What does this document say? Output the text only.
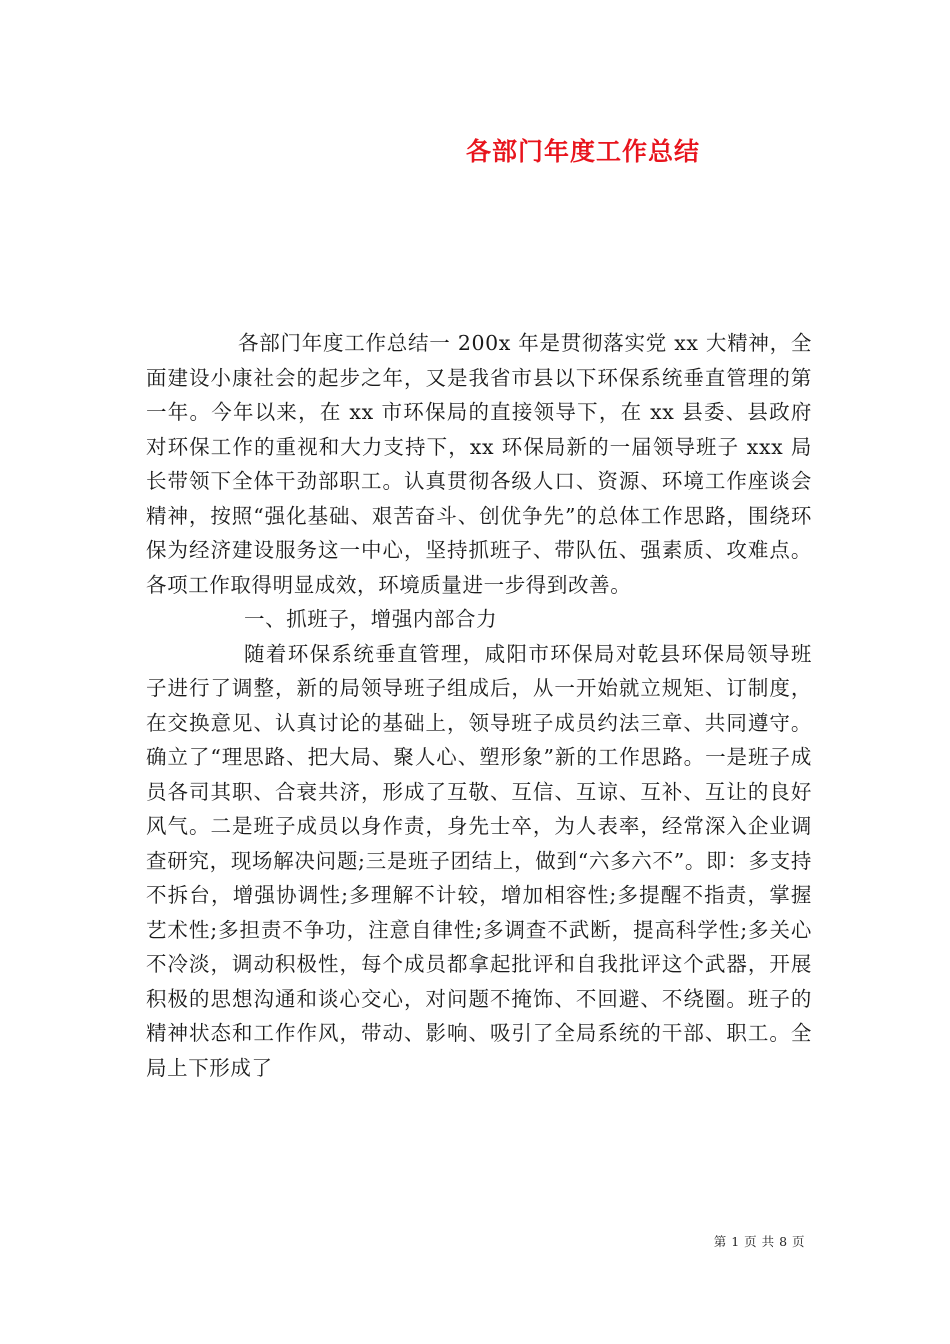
各部门年度工作总结

各部门年度工作总结一 200x 年是贯彻落实党 xx 大精神，全面建设小康社会的起步之年，又是我省市县以下环保系统垂直管理的第一年。今年以来，在 xx 市环保局的直接领导下，在 xx 县委、县政府对环保工作的重视和大力支持下，xx 环保局新的一届领导班子 xxx 局长带领下全体干劲部职工。认真贯彻各级人口、资源、环境工作座谈会精神，按照“强化基础、艰苦奋斗、创优争先”的总体工作思路，围绕环保为经济建设服务这一中心，坚持抓班子、带队伍、强素质、攻难点。各项工作取得明显成效，环境质量进一步得到改善。

一、抓班子，增强内部合力

随着环保系统垂直管理，咸阳市环保局对乾县环保局领导班子进行了调整，新的局领导班子组成后，从一开始就立规矩、订制度，在交换意见、认真讨论的基础上，领导班子成员约法三章、共同遵守。确立了“理思路、把大局、聚人心、塑形象”新的工作思路。一是班子成员各司其职、合衰共济，形成了互敬、互信、互谅、互补、互让的良好风气。二是班子成员以身作责，身先士卒，为人表率，经常深入企业调查研究，现场解决问题;三是班子团结上，做到“六多六不”。即：多支持不拆台，增强协调性;多理解不计较，增加相容性;多提醒不指责，掌握艺术性;多担责不争功，注意自律性;多调查不武断，提高科学性;多关心不冷淡，调动积极性，每个成员都拿起批评和自我批评这个武器，开展积极的思想沟通和谈心交心，对问题不掩饰、不回避、不绕圈。班子的精神状态和工作作风，带动、影响、吸引了全局系统的干部、职工。全局上下形成了

第 1 页 共 8 页
